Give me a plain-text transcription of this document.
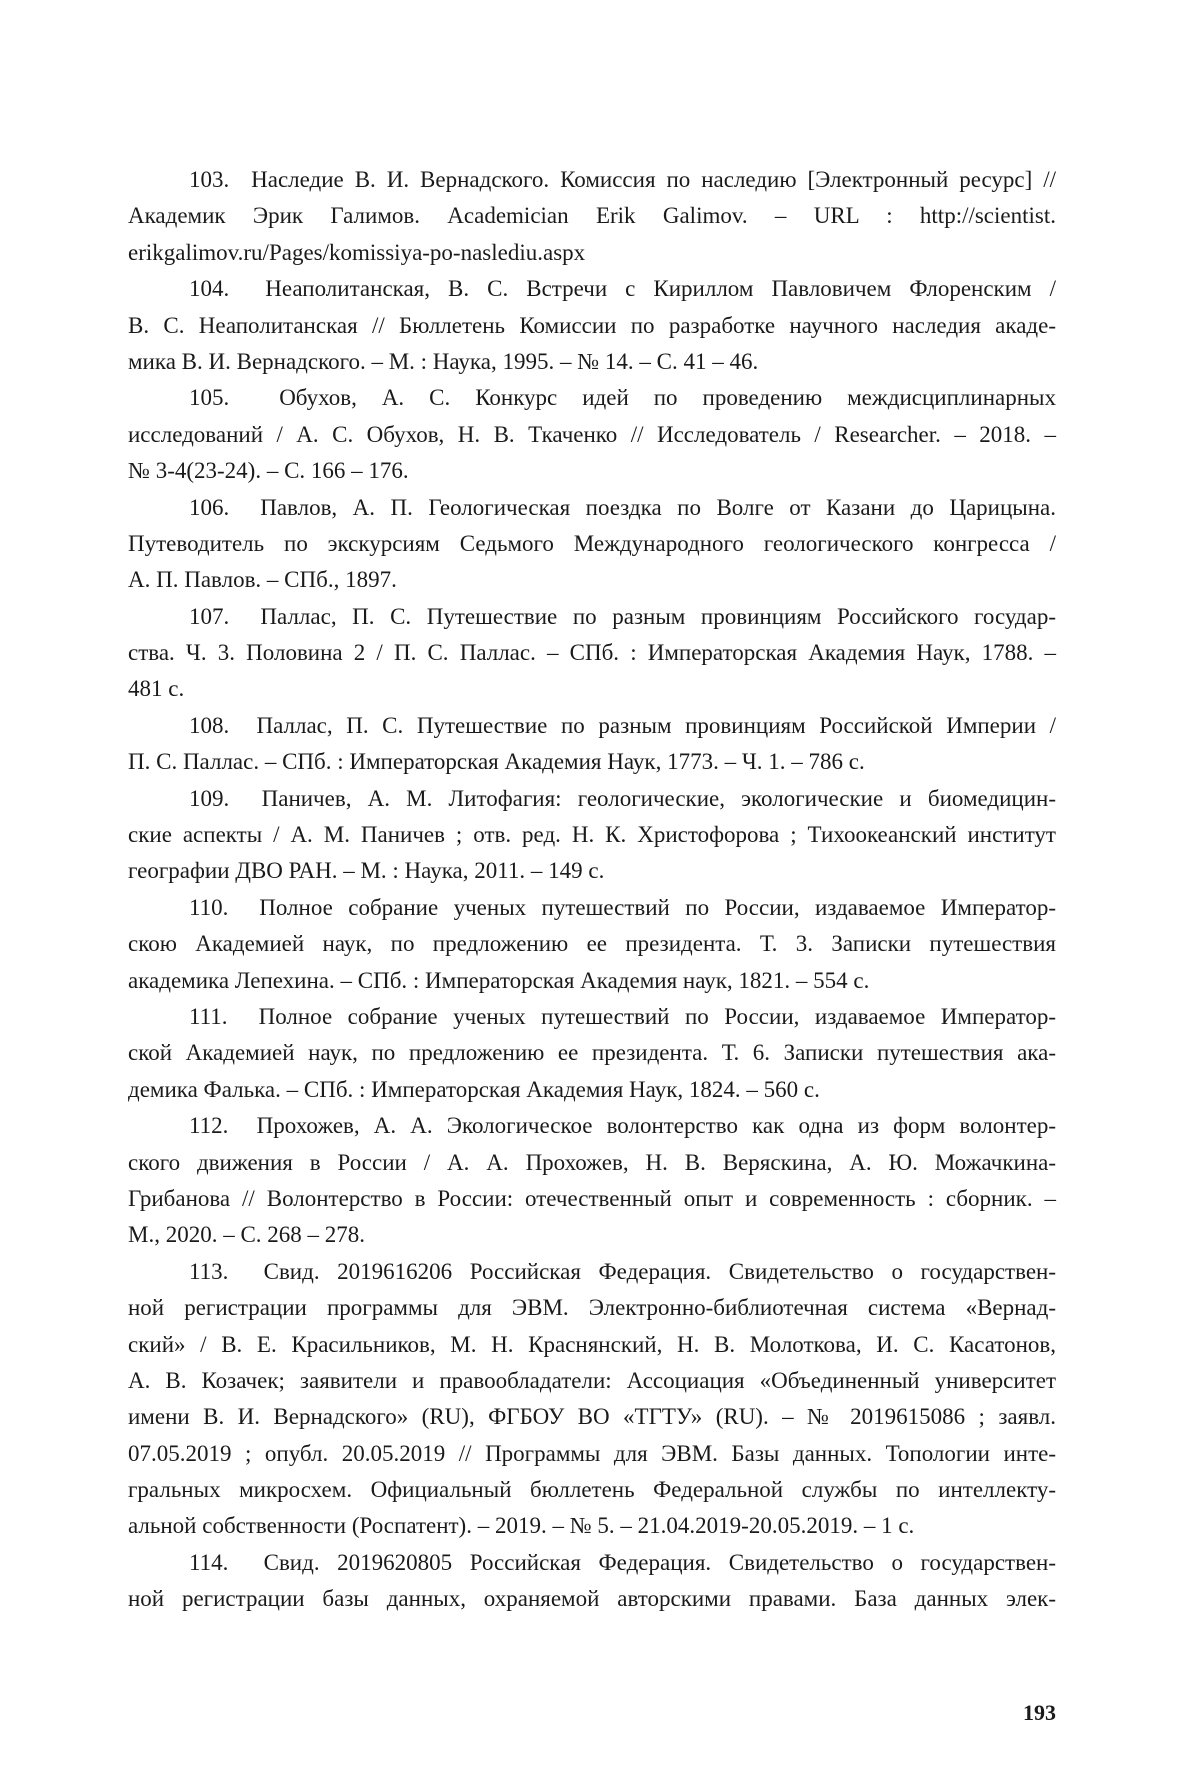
103. Наследие В. И. Вернадского. Комиссия по наследию [Электронный ресурс] //
Академик Эрик Галимов. Academician Erik Galimov. – URL : http://scientist.
erikgalimov.ru/Pages/komissiya-po-naslediu.aspx
104. Неаполитанская, В. С. Встречи с Кириллом Павловичем Флоренским /
В. С. Неаполитанская // Бюллетень Комиссии по разработке научного наследия акаде-
мика В. И. Вернадского. – М. : Наука, 1995. – № 14. – С. 41 – 46.
105. Обухов, А. С. Конкурс идей по проведению междисциплинарных
исследований / А. С. Обухов, Н. В. Ткаченко // Исследователь / Researcher. – 2018. –
№ 3-4(23-24). – С. 166 – 176.
106. Павлов, А. П. Геологическая поездка по Волге от Казани до Царицына.
Путеводитель по экскурсиям Седьмого Международного геологического конгресса /
А. П. Павлов. – СПб., 1897.
107. Паллас, П. С. Путешествие по разным провинциям Российского государ-
ства. Ч. 3. Половина 2 / П. С. Паллас. – СПб. : Императорская Академия Наук, 1788. –
481 с.
108. Паллас, П. С. Путешествие по разным провинциям Российской Империи /
П. С. Паллас. – СПб. : Императорская Академия Наук, 1773. – Ч. 1. – 786 с.
109. Паничев, А. М. Литофагия: геологические, экологические и биомедицин-
ские аспекты / А. М. Паничев ; отв. ред. Н. К. Христофорова ; Тихоокеанский институт
географии ДВО РАН. – М. : Наука, 2011. – 149 с.
110. Полное собрание ученых путешествий по России, издаваемое Император-
скою Академией наук, по предложению ее президента. Т. 3. Записки путешествия
академика Лепехина. – СПб. : Императорская Академия наук, 1821. – 554 с.
111. Полное собрание ученых путешествий по России, издаваемое Император-
ской Академией наук, по предложению ее президента. Т. 6. Записки путешествия ака-
демика Фалька. – СПб. : Императорская Академия Наук, 1824. – 560 с.
112. Прохожев, А. А. Экологическое волонтерство как одна из форм волонтер-
ского движения в России / А. А. Прохожев, Н. В. Веряскина, А. Ю. Можачкина-
Грибанова // Волонтерство в России: отечественный опыт и современность : сборник. –
М., 2020. – С. 268 – 278.
113. Свид. 2019616206 Российская Федерация. Свидетельство о государствен-
ной регистрации программы для ЭВМ. Электронно-библиотечная система «Вернад-
ский» / В. Е. Красильников, М. Н. Краснянский, Н. В. Молоткова, И. С. Касатонов,
А. В. Козачек; заявители и правообладатели: Ассоциация «Объединенный университет
имени В. И. Вернадского» (RU), ФГБОУ ВО «ТГТУ» (RU). – № 2019615086 ; заявл.
07.05.2019 ; опубл. 20.05.2019 // Программы для ЭВМ. Базы данных. Топологии инте-
гральных микросхем. Официальный бюллетень Федеральной службы по интеллекту-
альной собственности (Роспатент). – 2019. – № 5. – 21.04.2019-20.05.2019. – 1 с.
114. Свид. 2019620805 Российская Федерация. Свидетельство о государствен-
ной регистрации базы данных, охраняемой авторскими правами. База данных элек-
193
